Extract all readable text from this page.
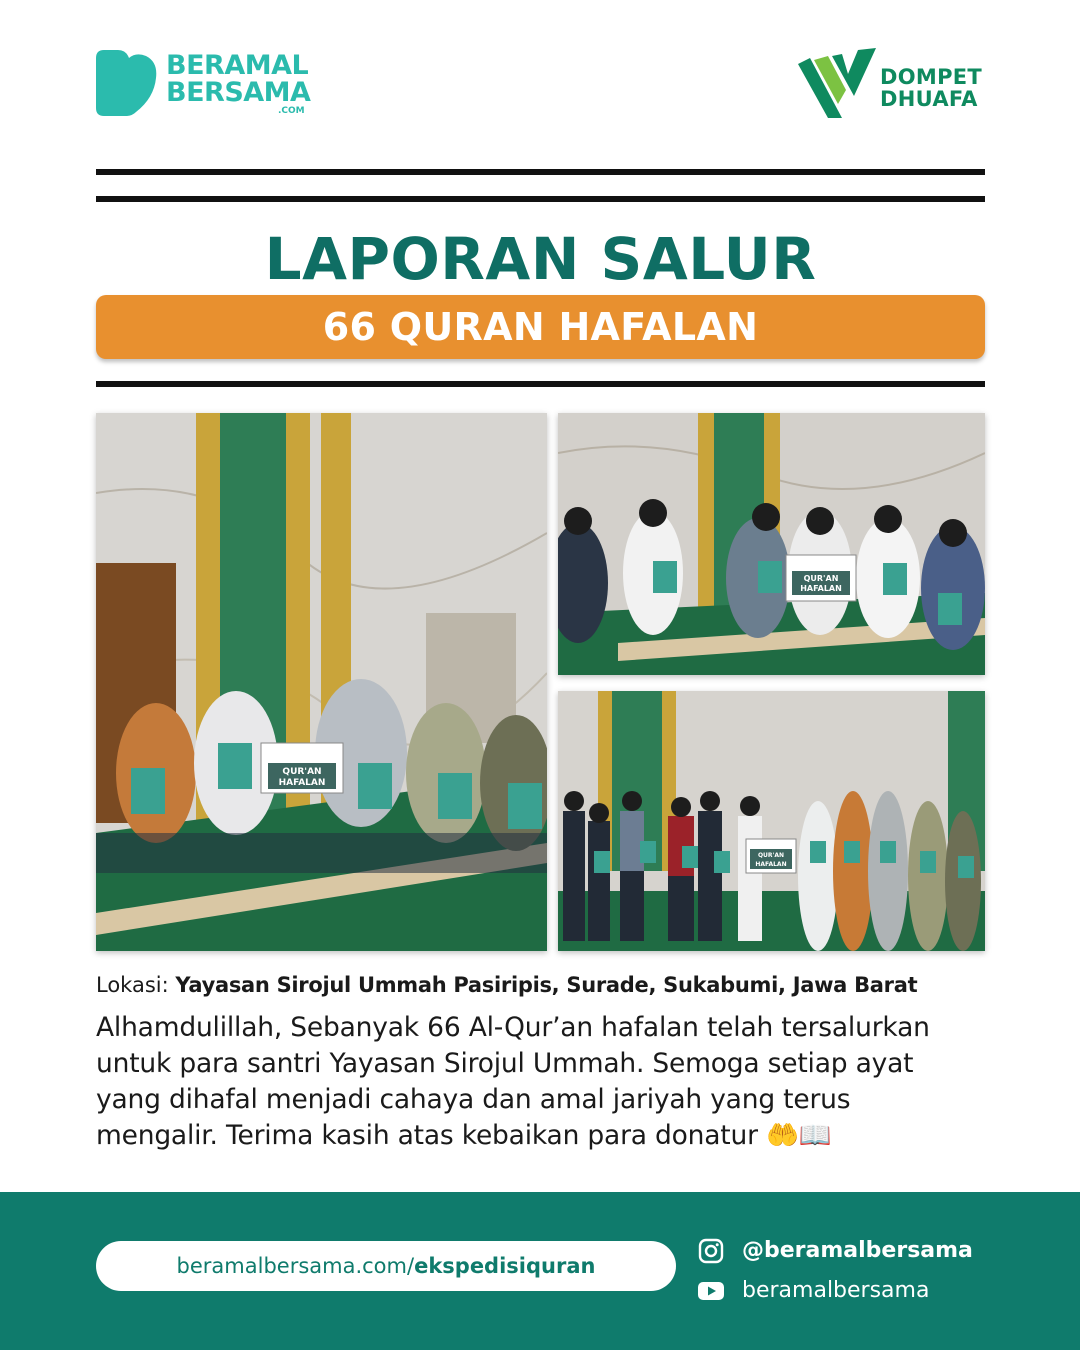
BERAMAL
BERSAMA
.COM
DOMPET
DHUAFA
LAPORAN SALUR
66 QURAN HAFALAN
QUR'AN
HAFALAN
QUR'AN
HAFALAN
QUR'AN
HAFALAN
Lokasi: Yayasan Sirojul Ummah Pasiripis, Surade, Sukabumi, Jawa Barat
Alhamdulillah, Sebanyak 66 Al-Qur’an hafalan telah tersalurkan
untuk para santri Yayasan Sirojul Ummah. Semoga setiap ayat
yang dihafal menjadi cahaya dan amal jariyah yang terus
mengalir. Terima kasih atas kebaikan para donatur 🤲📖
beramalbersama.com/ekspedisiquran
@beramalbersama
beramalbersama
